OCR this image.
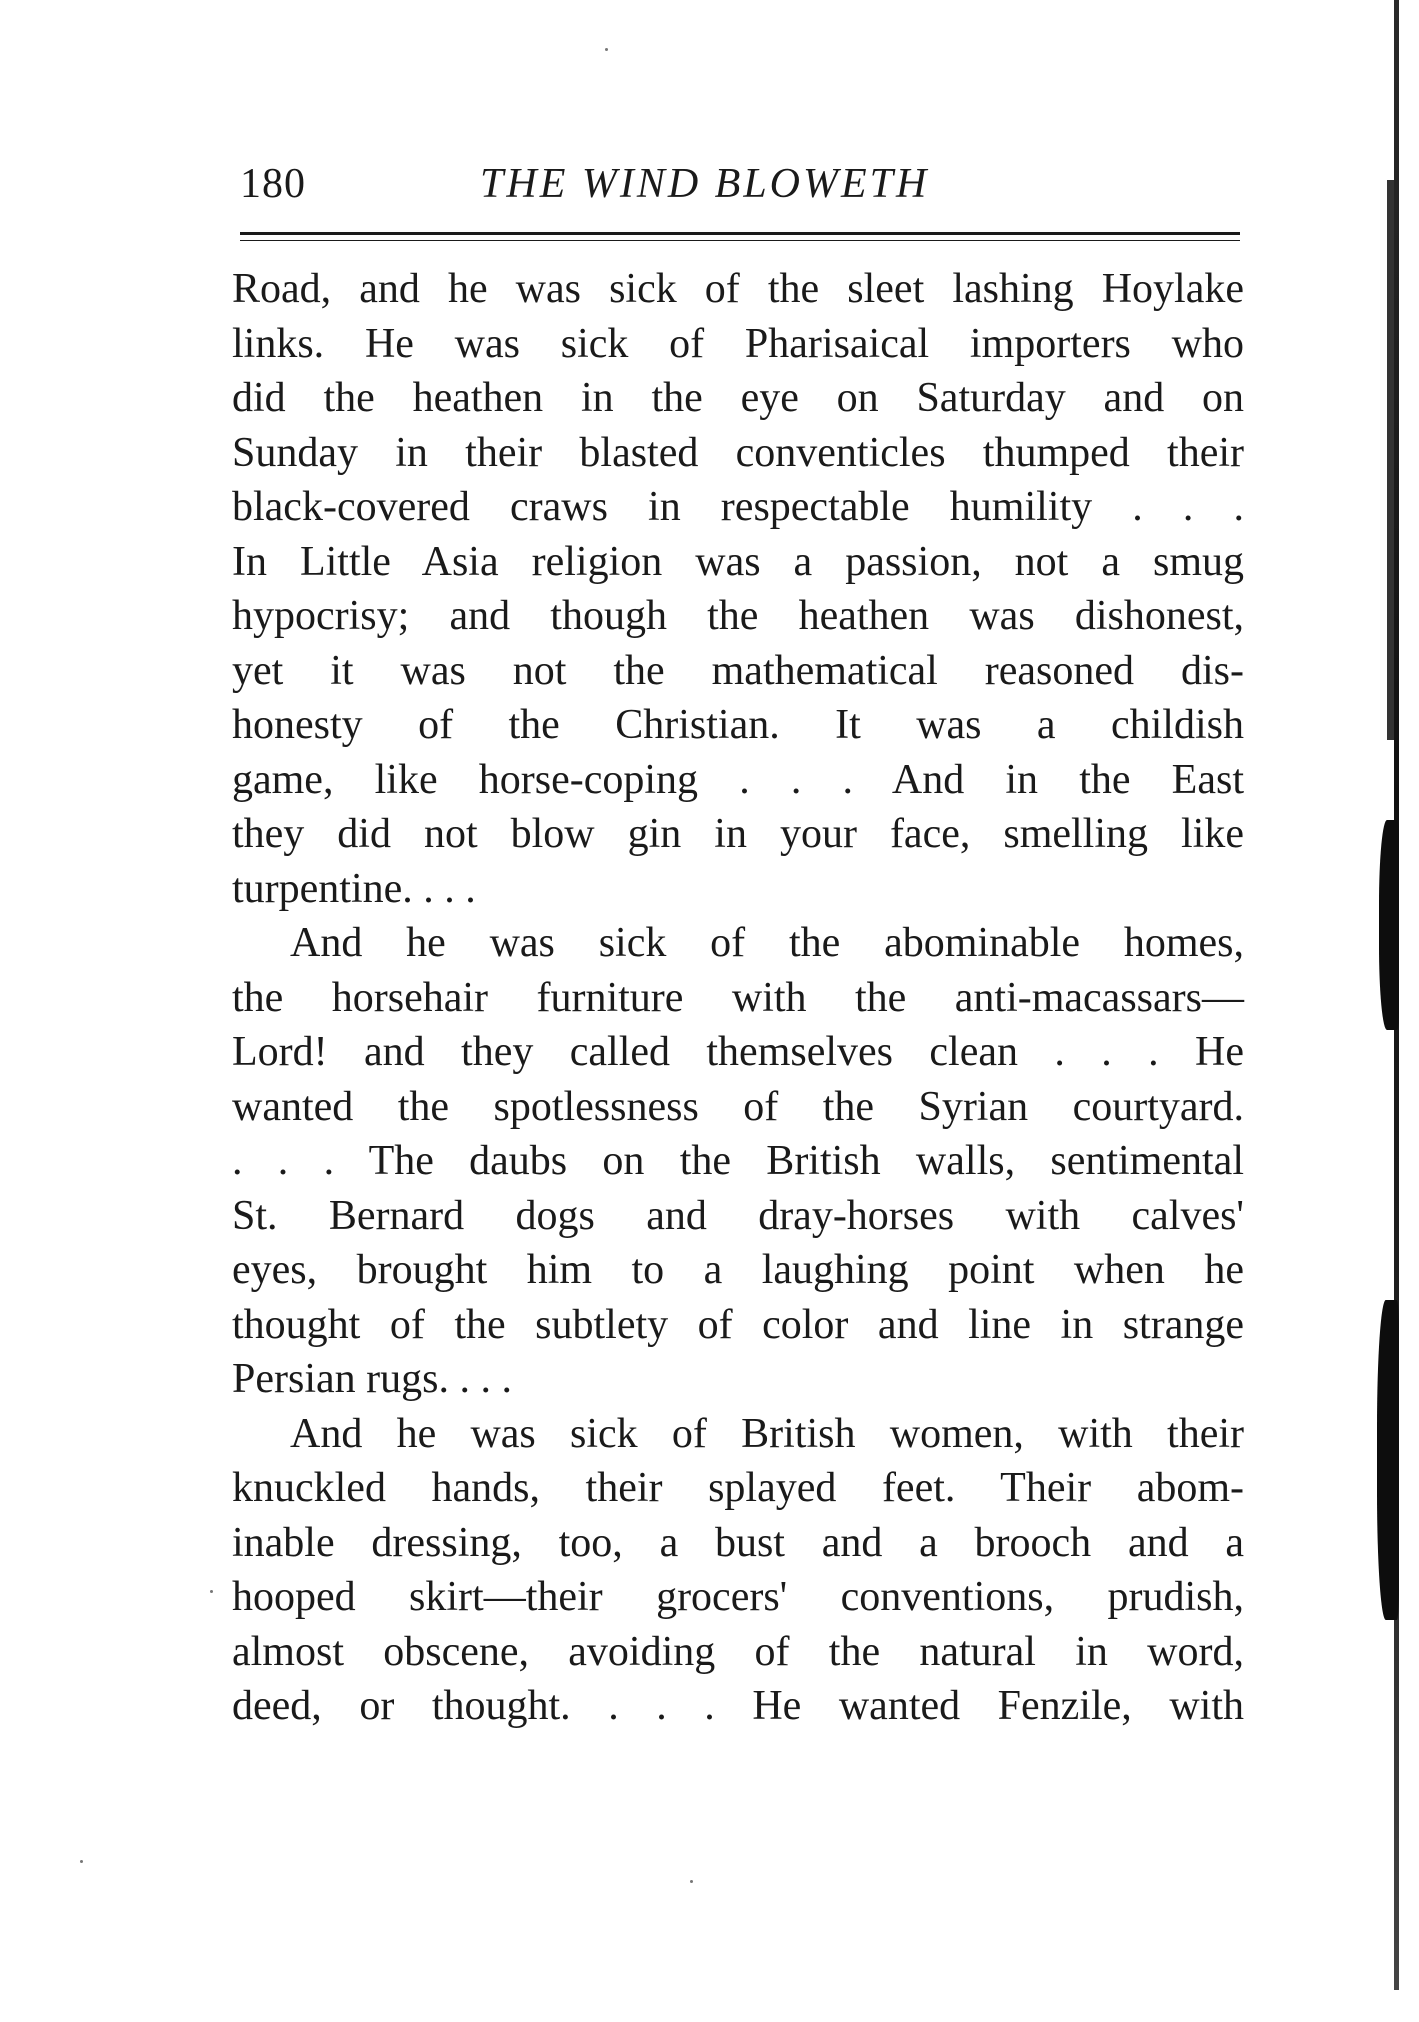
180	THE WIND BLOWETH
Road, and he was sick of the sleet lashing Hoylake
links. He was sick of Pharisaical importers who
did the heathen in the eye on Saturday and on
Sunday in their blasted conventicles thumped their
black-covered craws in respectable humility . . .
In Little Asia religion was a passion, not a smug
hypocrisy; and though the heathen was dishonest,
yet it was not the mathematical reasoned dis-
honesty of the Christian. It was a childish
game, like horse-coping . . . And in the East
they did not blow gin in your face, smelling like
turpentine. . . .
And he was sick of the abominable homes,
the horsehair furniture with the anti-macassars—
Lord! and they called themselves clean . . . He
wanted the spotlessness of the Syrian courtyard.
. . . The daubs on the British walls, sentimental
St. Bernard dogs and dray-horses with calves'
eyes, brought him to a laughing point when he
thought of the subtlety of color and line in strange
Persian rugs. . . .
And he was sick of British women, with their
knuckled hands, their splayed feet. Their abom-
inable dressing, too, a bust and a brooch and a
hooped skirt—their grocers' conventions, prudish,
almost obscene, avoiding of the natural in word,
deed, or thought. . . . He wanted Fenzile, with
